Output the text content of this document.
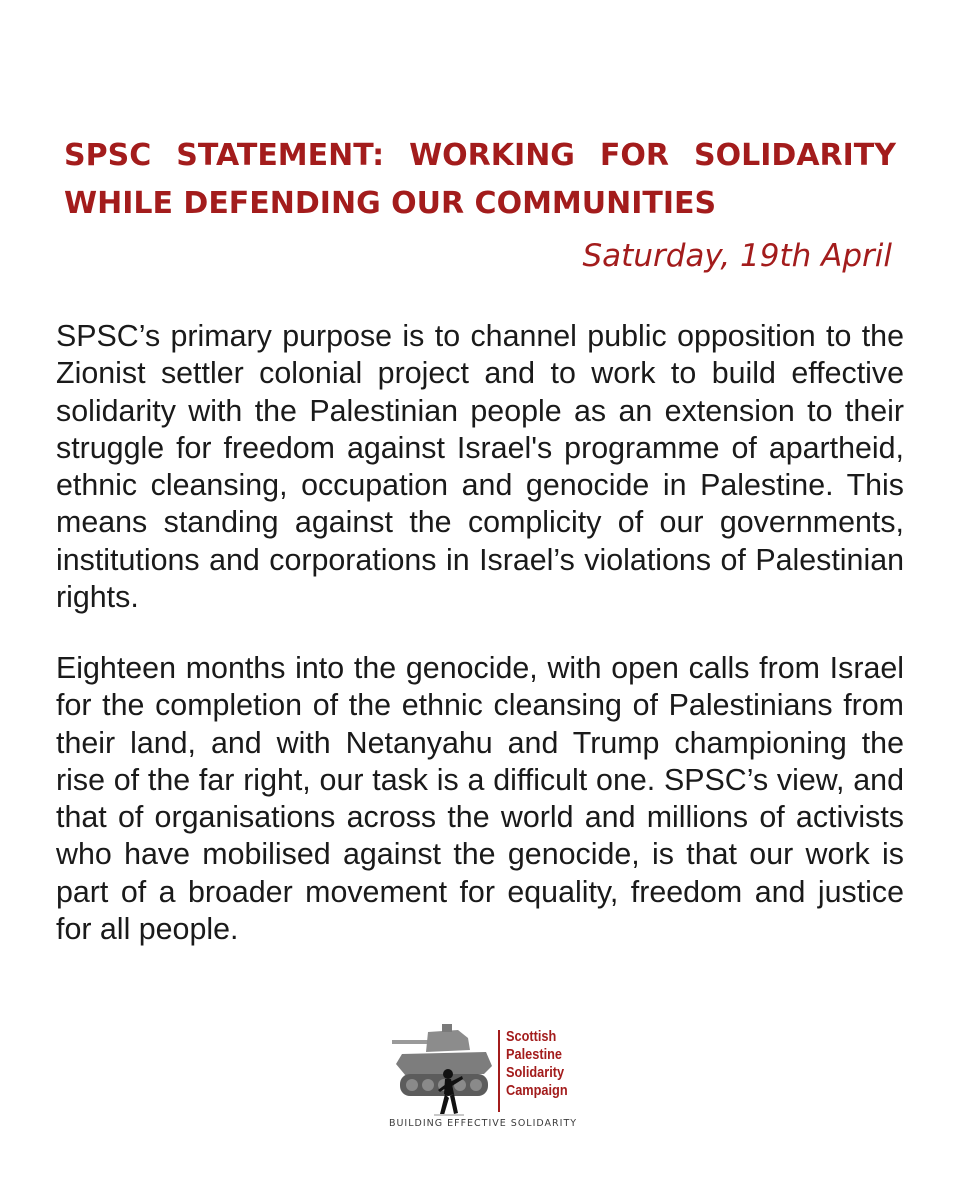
SPSC STATEMENT: WORKING FOR SOLIDARITY WHILE DEFENDING OUR COMMUNITIES
Saturday, 19th April

SPSC’s primary purpose is to channel public opposition to the Zionist settler colonial project and to work to build effective solidarity with the Palestinian people as an extension to their struggle for freedom against Israel's programme of apartheid, ethnic cleansing, occupation and genocide in Palestine. This means standing against the complicity of our governments, institutions and corporations in Israel’s violations of Palestinian rights.

Eighteen months into the genocide, with open calls from Israel for the completion of the ethnic cleansing of Palestinians from their land, and with Netanyahu and Trump championing the rise of the far right, our task is a difficult one. SPSC’s view, and that of organisations across the world and millions of activists who have mobilised against the genocide, is that our work is part of a broader movement for equality, freedom and justice for all people.

Scottish
Palestine
Solidarity
Campaign
BUILDING EFFECTIVE SOLIDARITY
